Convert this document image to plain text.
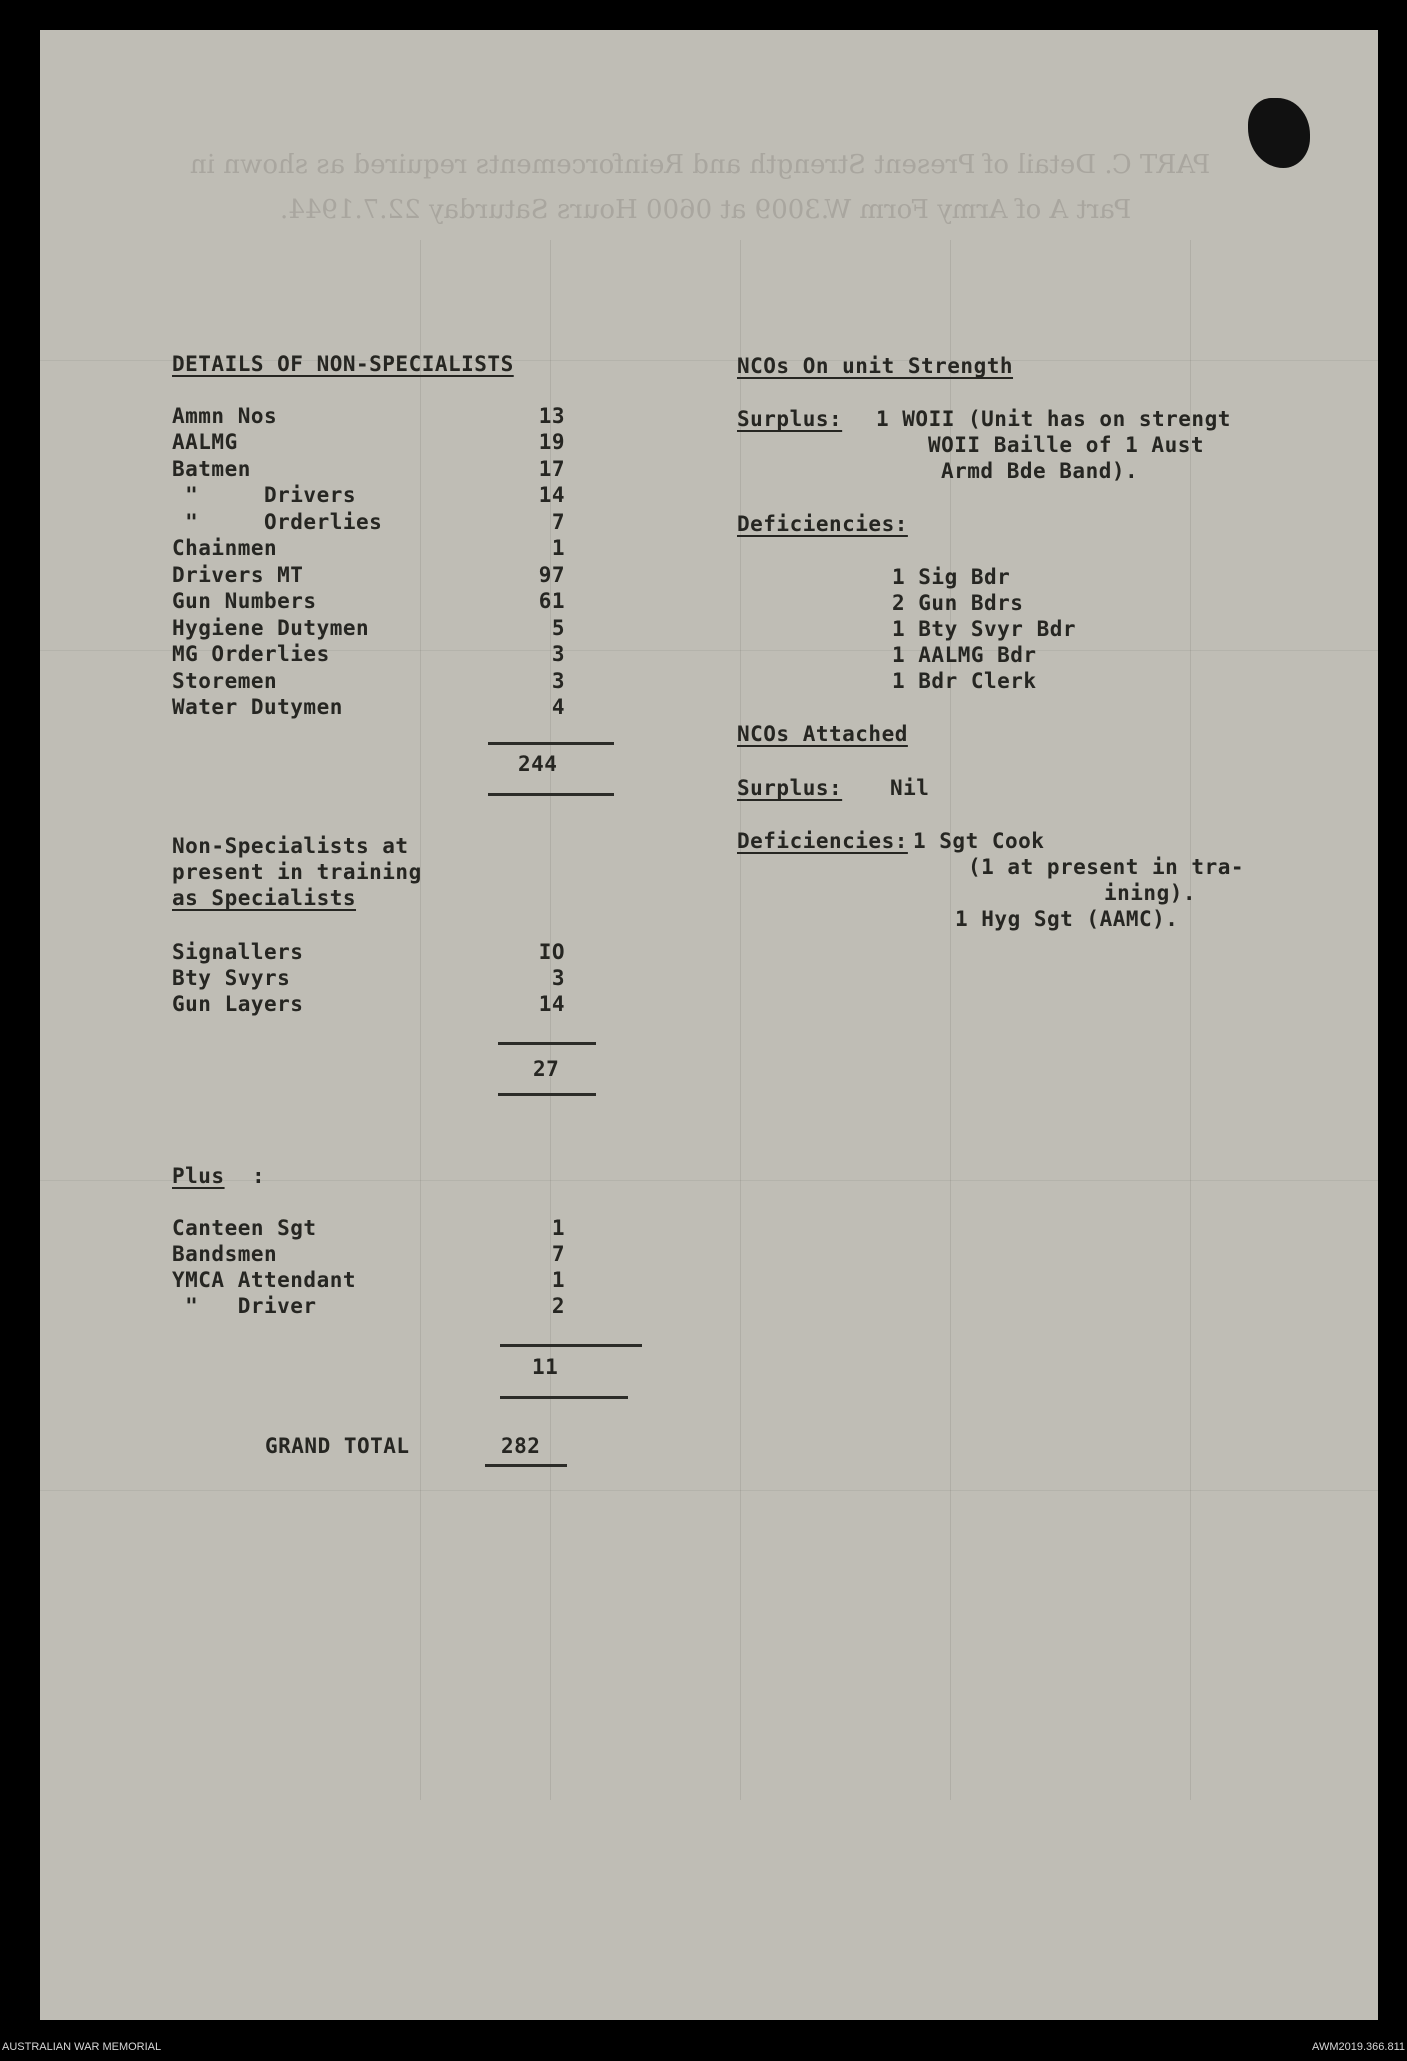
PART C. Detail of Present Strength and Reinforcements required as shown in
Part A of Army Form W.3009 at 0600 Hours Saturday 22.7.1944.
DETAILS OF NON-SPECIALISTS
Ammn Nos	13
AALMG	19
Batmen	17
"     Drivers	14
"     Orderlies	7
Chainmen	1
Drivers MT	97
Gun Numbers	61
Hygiene Dutymen	5
MG Orderlies	3
Storemen	3
Water Dutymen	4
244
Non-Specialists at
present in training
as Specialists
Signallers	IO
Bty Svyrs	3
Gun Layers	14
27
Plus :
Canteen Sgt	1
Bandsmen	7
YMCA Attendant	1
"   Driver	2
11
GRAND TOTAL	282
NCOs On unit Strength
Surplus: 1 WOII (Unit has on strengt
WOII Baille of 1 Aust
Armd Bde Band).
Deficiencies:
1 Sig Bdr
2 Gun Bdrs
1 Bty Svyr Bdr
1 AALMG Bdr
1 Bdr Clerk
NCOs Attached
Surplus: Nil
Deficiencies: 1 Sgt Cook
(1 at present in tra-
ining).
1 Hyg Sgt (AAMC).
AUSTRALIAN WAR MEMORIAL	AWM2019.366.811
